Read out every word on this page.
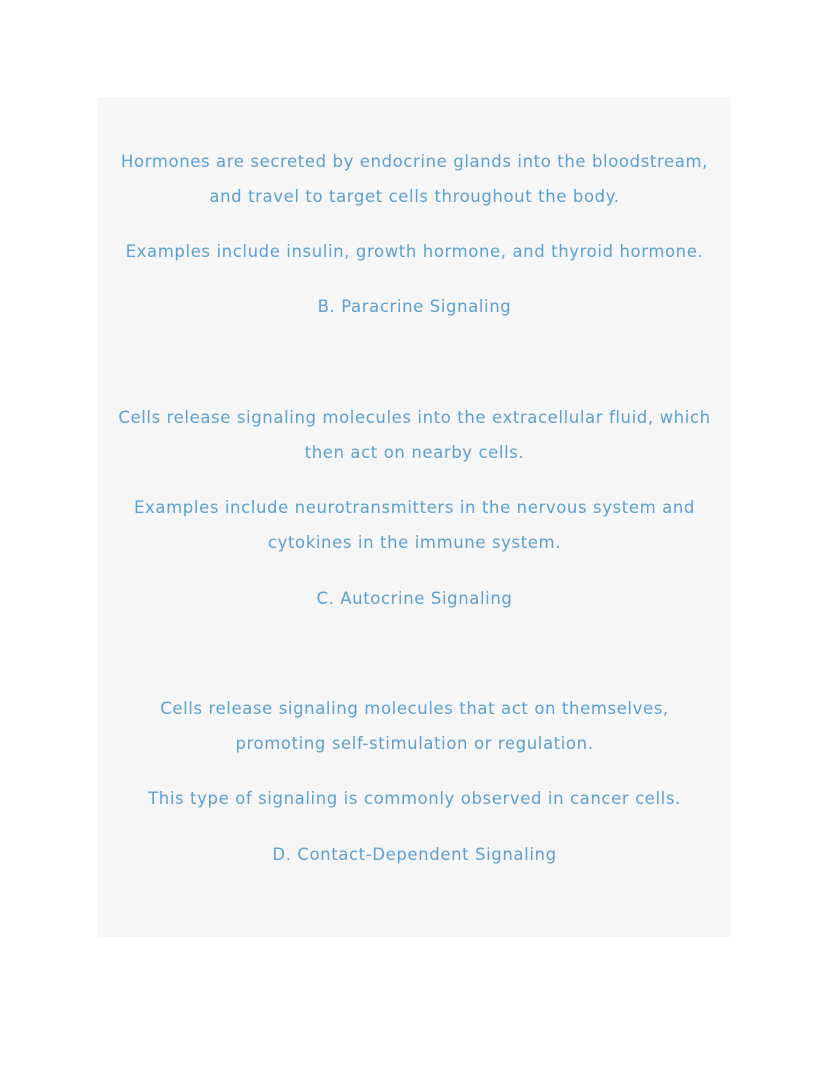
Hormones are secreted by endocrine glands into the bloodstream,
and travel to target cells throughout the body.
Examples include insulin, growth hormone, and thyroid hormone.
B. Paracrine Signaling
Cells release signaling molecules into the extracellular fluid, which
then act on nearby cells.
Examples include neurotransmitters in the nervous system and
cytokines in the immune system.
C. Autocrine Signaling
Cells release signaling molecules that act on themselves,
promoting self-stimulation or regulation.
This type of signaling is commonly observed in cancer cells.
D. Contact-Dependent Signaling
